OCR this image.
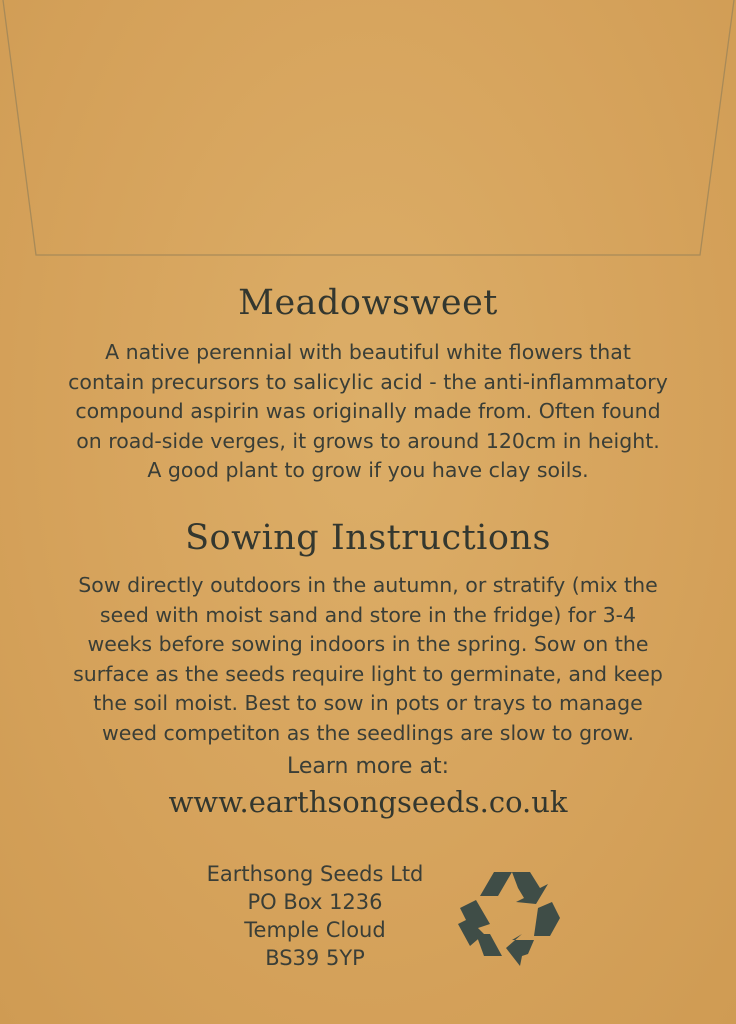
Meadowsweet
A native perennial with beautiful white flowers that
contain precursors to salicylic acid - the anti-inflammatory
compound aspirin was originally made from. Often found
on road-side verges, it grows to around 120cm in height.
A good plant to grow if you have clay soils.
Sowing Instructions
Sow directly outdoors in the autumn, or stratify (mix the
seed with moist sand and store in the fridge) for 3-4
weeks before sowing indoors in the spring. Sow on the
surface as the seeds require light to germinate, and keep
the soil moist. Best to sow in pots or trays to manage
weed competiton as the seedlings are slow to grow.
Learn more at:
www.earthsongseeds.co.uk
Earthsong Seeds Ltd
PO Box 1236
Temple Cloud
BS39 5YP
